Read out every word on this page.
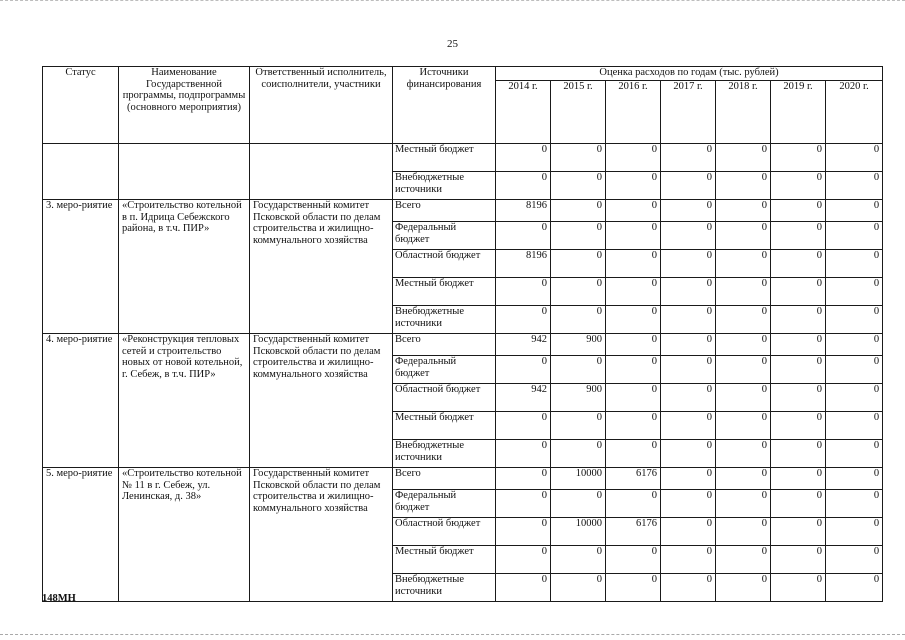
25
Статус	Наименование Государственной программы, подпрограммы (основного мероприятия)	Ответственный исполнитель, соисполнители, участники	Источники финансирования	Оценка расходов по годам (тыс. рублей)						
				2014 г.	2015 г.	2016 г.	2017 г.	2018 г.	2019 г.	2020 г.
			Местный бюджет	0	0	0	0	0	0	0
			Внебюджетные источники	0	0	0	0	0	0	0
3. меро-риятие	«Строительство котельной в п. Идрица Себежского района, в т.ч. ПИР»	Государственный комитет Псковской области по делам строительства и жилищно-коммунального хозяйства	Всего	8196	0	0	0	0	0	0
			Федеральный бюджет	0	0	0	0	0	0	0
			Областной бюджет	8196	0	0	0	0	0	0
			Местный бюджет	0	0	0	0	0	0	0
			Внебюджетные источники	0	0	0	0	0	0	0
4. меро-риятие	«Реконструкция тепловых сетей и строительство новых от новой котельной, г. Себеж, в т.ч. ПИР»	Государственный комитет Псковской области по делам строительства и жилищно-коммунального хозяйства	Всего	942	900	0	0	0	0	0
			Федеральный бюджет	0	0	0	0	0	0	0
			Областной бюджет	942	900	0	0	0	0	0
			Местный бюджет	0	0	0	0	0	0	0
			Внебюджетные источники	0	0	0	0	0	0	0
5. меро-риятие	«Строительство котельной № 11 в г. Себеж, ул. Ленинская, д. 38»	Государственный комитет Псковской области по делам строительства и жилищно-коммунального хозяйства	Всего	0	10000	6176	0	0	0	0
			Федеральный бюджет	0	0	0	0	0	0	0
			Областной бюджет	0	10000	6176	0	0	0	0
			Местный бюджет	0	0	0	0	0	0	0
			Внебюджетные источники	0	0	0	0	0	0	0
148МН
